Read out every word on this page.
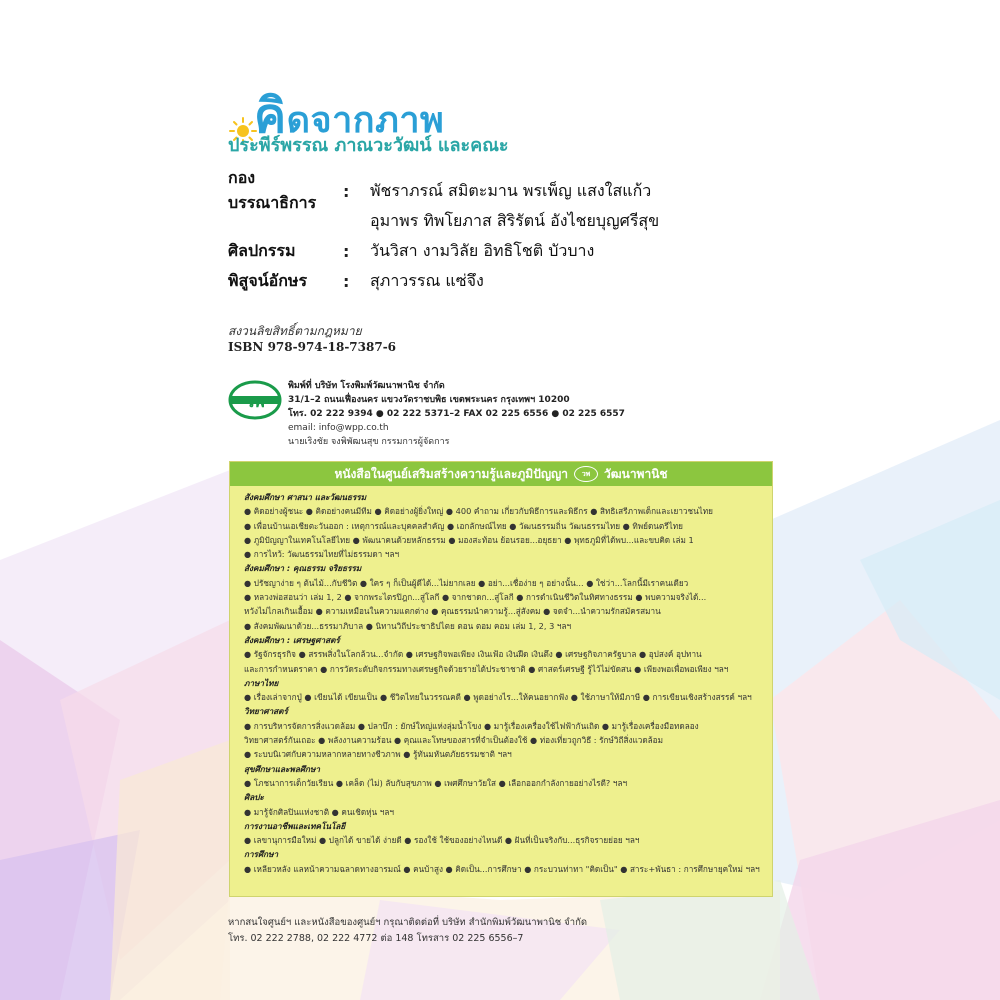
คิดจากภาพ
ประพีร์พรรณ ภาณวะวัฒน์ และคณะ
กองบรรณาธิการ
:	พัชราภรณ์ สมิตะมาน พรเพ็ญ แสงใสแก้ว
อุมาพร ทิพโยภาส สิริรัตน์ อังไชยบุญศรีสุข
ศิลปกรรม	:	วันวิสา งามวิลัย อิทธิโชติ บัวบาง
พิสูจน์อักษร	:	สุภาวรรณ แซ่จึง
สงวนลิขสิทธิ์ตามกฎหมาย
ISBN 978-974-18-7387-6
วพ
พิมพ์ที่ บริษัท โรงพิมพ์วัฒนาพานิช จำกัด
31/1–2 ถนนเฟื่องนคร แขวงวัดราชบพิธ เขตพระนคร กรุงเทพฯ 10200
โทร. 02 222 9394 ● 02 222 5371–2 FAX 02 225 6556 ● 02 225 6557
email: info@wpp.co.th
นายเริงชัย จงพิพัฒนสุข กรรมการผู้จัดการ
หนังสือในศูนย์เสริมสร้างความรู้และภูมิปัญญา	วพ	วัฒนาพานิช
สังคมศึกษา ศาสนา และวัฒนธรรม
● คิดอย่างผู้ชนะ ● คิดอย่างคนมีทีม ● คิดอย่างผู้ยิ่งใหญ่ ● 400 คำถาม เกี่ยวกับพิธีการและพิธีกร ● สิทธิเสรีภาพเด็กและเยาวชนไทย
● เพื่อนบ้านเอเชียตะวันออก : เหตุการณ์และบุคคลสำคัญ ● เอกลักษณ์ไทย ● วัฒนธรรมถิ่น วัฒนธรรมไทย ● ทิพย์ดนตรีไทย
● ภูมิปัญญาในเทคโนโลยีไทย ● พัฒนาคนด้วยหลักธรรม ● มองสะท้อน ย้อนรอย...อยุธยา ● พุทธภูมิที่ได้พบ...และขบคิด เล่ม 1
● การไหว้: วัฒนธรรมไทยที่ไม่ธรรมดา ฯลฯ
สังคมศึกษา : คุณธรรม จริยธรรม
● ปรัชญาง่าย ๆ ต้นไม้...กับชีวิต ● ใคร ๆ ก็เป็นผู้ดีได้...ไม่ยากเลย ● อย่า...เชื่อง่าย ๆ อย่างนั้น... ● ใช่ว่า...โลกนี้มีเราคนเดียว
● หลวงพ่อสอนว่า เล่ม 1, 2 ● จากพระไตรปิฎก...สู่โลกี ● จากชาดก...สู่โลกี ● การดำเนินชีวิตในทิศทางธรรม ● พบความจริงได้...
หวังไม่ไกลเกินเอื้อม ● ความเหมือนในความแตกต่าง ● คุณธรรมนำความรู้...สู่สังคม ● จดจำ...นำความรักสมัครสมาน
● สังคมพัฒนาด้วย...ธรรมาภิบาล ● นิทานวิถีประชาธิปไตย ตอน ตอม คอม เล่ม 1, 2, 3 ฯลฯ
สังคมศึกษา : เศรษฐศาสตร์
● รัฐจักรธุรกิจ ● สรรพสิ่งในโลกล้วน...จำกัด ● เศรษฐกิจพอเพียง เงินเฟ้อ เงินฝืด เงินตึง ● เศรษฐกิจภาครัฐบาล ● อุปสงค์ อุปทาน
และการกำหนดราคา ● การวัดระดับกิจกรรมทางเศรษฐกิจด้วยรายได้ประชาชาติ ● ศาสตร์เศรษฐี รู้ไว้ไม่ขัดสน ● เพียงพอเพื่อพอเพียง ฯลฯ
ภาษาไทย
● เรื่องเล่าจากปู่ ● เขียนได้ เขียนเป็น ● ชีวิตไทยในวรรณคดี ● พูดอย่างไร...ให้คนอยากฟัง ● ใช้ภาษาให้มีภาษี ● การเขียนเชิงสร้างสรรค์ ฯลฯ
วิทยาศาสตร์
● การบริหารจัดการสิ่งแวดล้อม ● ปลาบึก : ยักษ์ใหญ่แห่งลุ่มน้ำโขง ● มารู้เรื่องเครื่องใช้ไฟฟ้ากันเถิด ● มารู้เรื่องเครื่องมือทดลอง
วิทยาศาสตร์กันเถอะ ● พลังงานความร้อน ● คุณและโทษของสารที่จำเป็นต้องใช้ ● ท่องเที่ยวถูกวิธี : รักษ์วิถีสิ่งแวดล้อม
● ระบบนิเวศกับความหลากหลายทางชีวภาพ ● รู้ทันมหันตภัยธรรมชาติ ฯลฯ
สุขศึกษาและพลศึกษา
● โภชนาการเด็กวัยเรียน ● เคล็ด (ไม่) ลับกับสุขภาพ ● เพศศึกษาวัยใส ● เลือกออกกำลังกายอย่างไรดี? ฯลฯ
ศิลปะ
● มารู้จักศิลปินแห่งชาติ ● คนเชิดหุ่น ฯลฯ
การงานอาชีพและเทคโนโลยี
● เลขานุการมือใหม่ ● ปลูกได้ ขายได้ ง่ายดี ● รองใช้ ใช้ของอย่างไหนดี ● ฝันที่เป็นจริงกับ...ธุรกิจรายย่อย ฯลฯ
การศึกษา
● เหลียวหลัง แลหน้าความฉลาดทางอารมณ์ ● คนบ้าสูง ● คิดเป็น...การศึกษา ● กระบวนท่าทา "คิดเป็น" ● สาระ+พันธา : การศึกษายุคใหม่ ฯลฯ
หากสนใจศูนย์ฯ และหนังสือของศูนย์ฯ กรุณาติดต่อที่ บริษัท สำนักพิมพ์วัฒนาพานิช จำกัด
โทร. 02 222 2788, 02 222 4772 ต่อ 148 โทรสาร 02 225 6556–7
